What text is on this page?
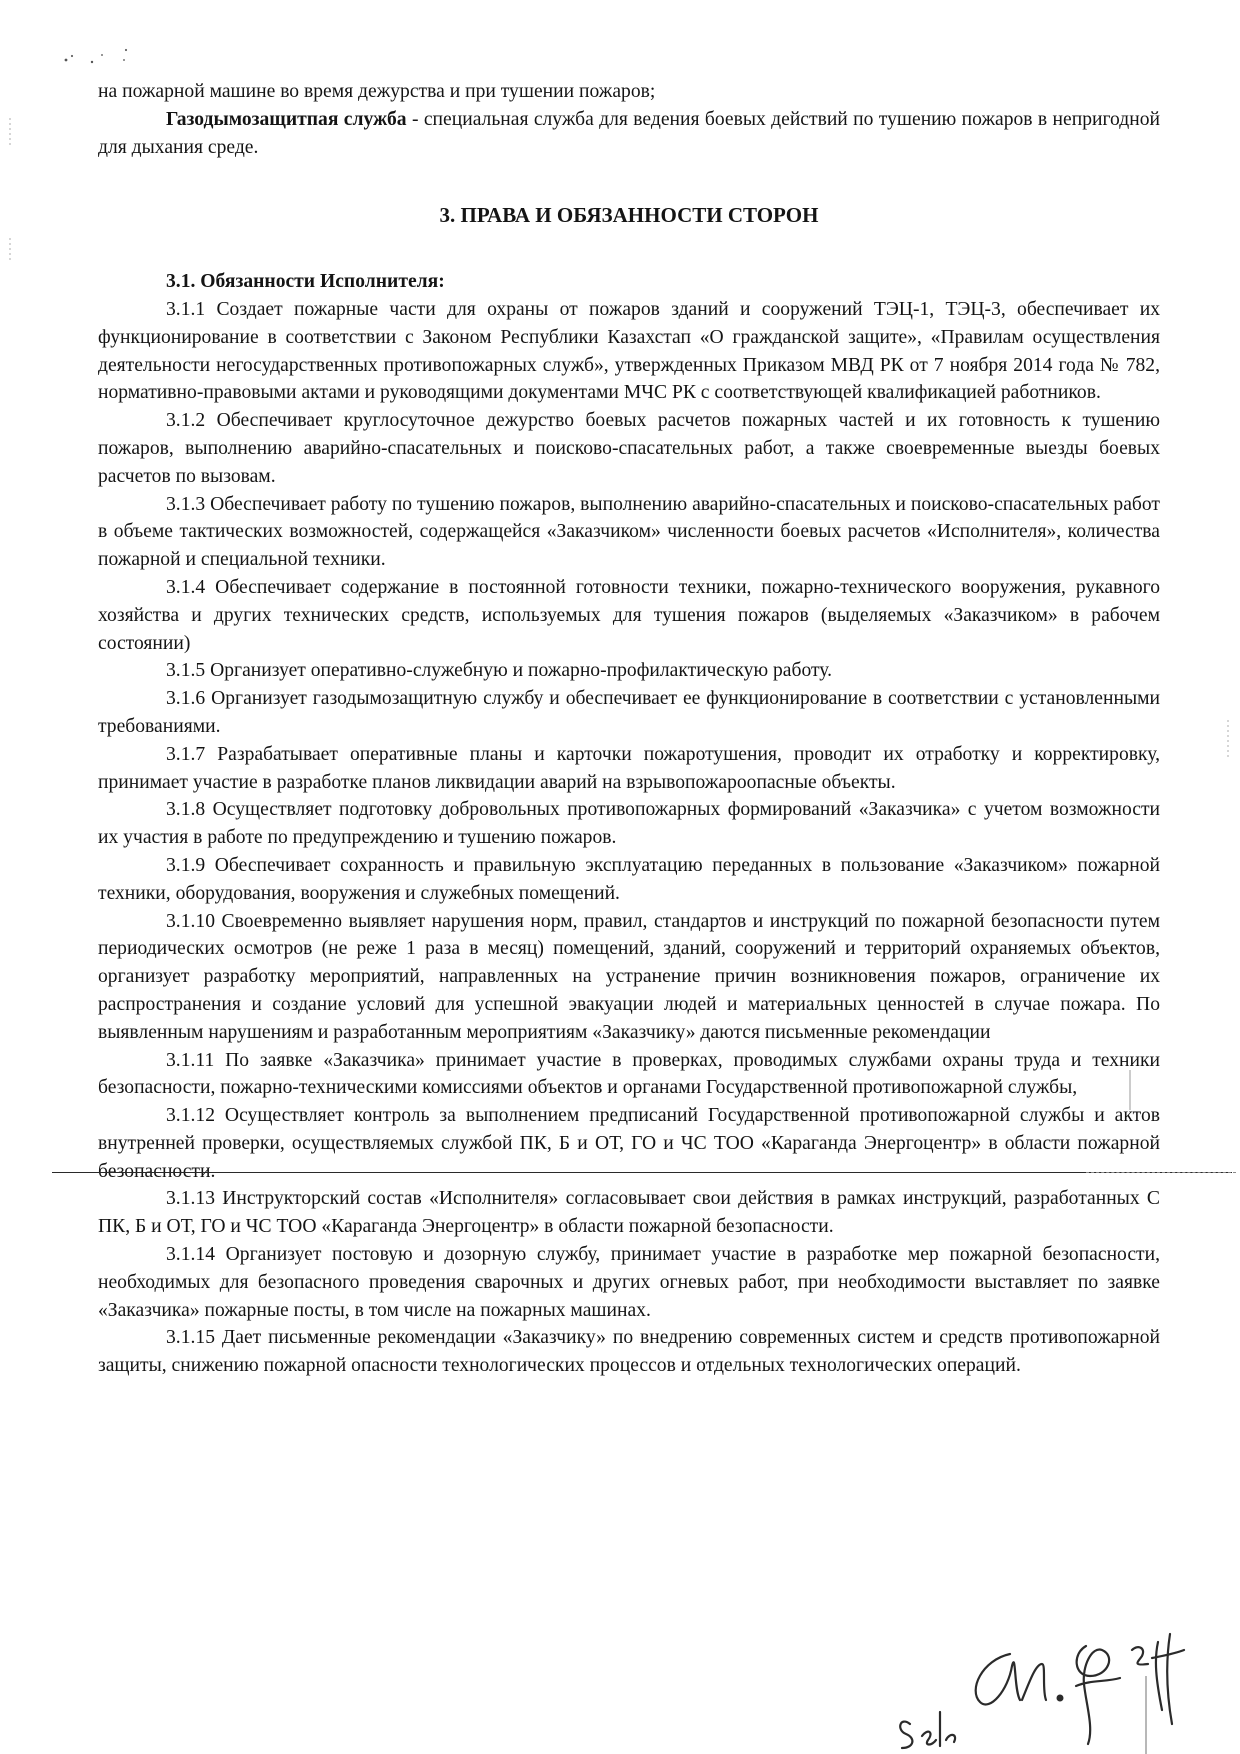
на пожарной машине во время дежурства и при тушении пожаров;

Газодымозащитпая служба - специальная служба для ведения боевых действий по тушению пожаров в непригодной для дыхания среде.

3. ПРАВА И ОБЯЗАННОСТИ СТОРОН

3.1. Обязанности Исполнителя:

3.1.1 Создает пожарные части для охраны от пожаров зданий и сооружений ТЭЦ-1, ТЭЦ-3, обеспечивает их функционирование в соответствии с Законом Республики Казахстап «О гражданской защите», «Правилам осуществления деятельности негосударственных противопожарных служб», утвержденных Приказом МВД РК от 7 ноября 2014 года № 782, нормативно-правовыми актами и руководящими документами МЧС РК с соответствующей квалификацией работников.

3.1.2 Обеспечивает круглосуточное дежурство боевых расчетов пожарных частей и их готовность к тушению пожаров, выполнению аварийно-спасательных и поисково-спасательных работ, а также своевременные выезды боевых расчетов по вызовам.

3.1.3 Обеспечивает работу по тушению пожаров, выполнению аварийно-спасательных и поисково-спасательных работ в объеме тактических возможностей, содержащейся «Заказчиком» численности боевых расчетов «Исполнителя», количества пожарной и специальной техники.

3.1.4 Обеспечивает содержание в постоянной готовности техники, пожарно-технического вооружения, рукавного хозяйства и других технических средств, используемых для тушения пожаров (выделяемых «Заказчиком» в рабочем состоянии)

3.1.5 Организует оперативно-служебную и пожарно-профилактическую работу.

3.1.6 Организует газодымозащитную службу и обеспечивает ее функционирование в соответствии с установленными требованиями.

3.1.7 Разрабатывает оперативные планы и карточки пожаротушения, проводит их отработку и корректировку, принимает участие в разработке планов ликвидации аварий на взрывопожароопасные объекты.

3.1.8 Осуществляет подготовку добровольных противопожарных формирований «Заказчика» с учетом возможности их участия в работе по предупреждению и тушению пожаров.

3.1.9 Обеспечивает сохранность и правильную эксплуатацию переданных в пользование «Заказчиком» пожарной техники, оборудования, вооружения и служебных помещений.

3.1.10 Своевременно выявляет нарушения норм, правил, стандартов и инструкций по пожарной безопасности путем периодических осмотров (не реже 1 раза в месяц) помещений, зданий, сооружений и территорий охраняемых объектов, организует разработку мероприятий, направленных на устранение причин возникновения пожаров, ограничение их распространения и создание условий для успешной эвакуации людей и материальных ценностей в случае пожара. По выявленным нарушениям и разработанным мероприятиям «Заказчику» даются письменные рекомендации

3.1.11 По заявке «Заказчика» принимает участие в проверках, проводимых службами охраны труда и техники безопасности, пожарно-техническими комиссиями объектов и органами Государственной противопожарной службы,

3.1.12 Осуществляет контроль за выполнением предписаний Государственной противопожарной службы и актов внутренней проверки, осуществляемых службой ПК, Б и ОТ, ГО и ЧС ТОО «Караганда Энергоцентр» в области пожарной безопасности.

3.1.13 Инструкторский состав «Исполнителя» согласовывает свои действия в рамках инструкций, разработанных С ПК, Б и ОТ, ГО и ЧС ТОО «Караганда Энергоцентр» в области пожарной безопасности.

3.1.14 Организует постовую и дозорную службу, принимает участие в разработке мер пожарной безопасности, необходимых для безопасного проведения сварочных и других огневых работ, при необходимости выставляет по заявке «Заказчика» пожарные посты, в том числе на пожарных машинах.

3.1.15 Дает письменные рекомендации «Заказчику» по внедрению современных систем и средств противопожарной защиты, снижению пожарной опасности технологических процессов и отдельных технологических операций.
